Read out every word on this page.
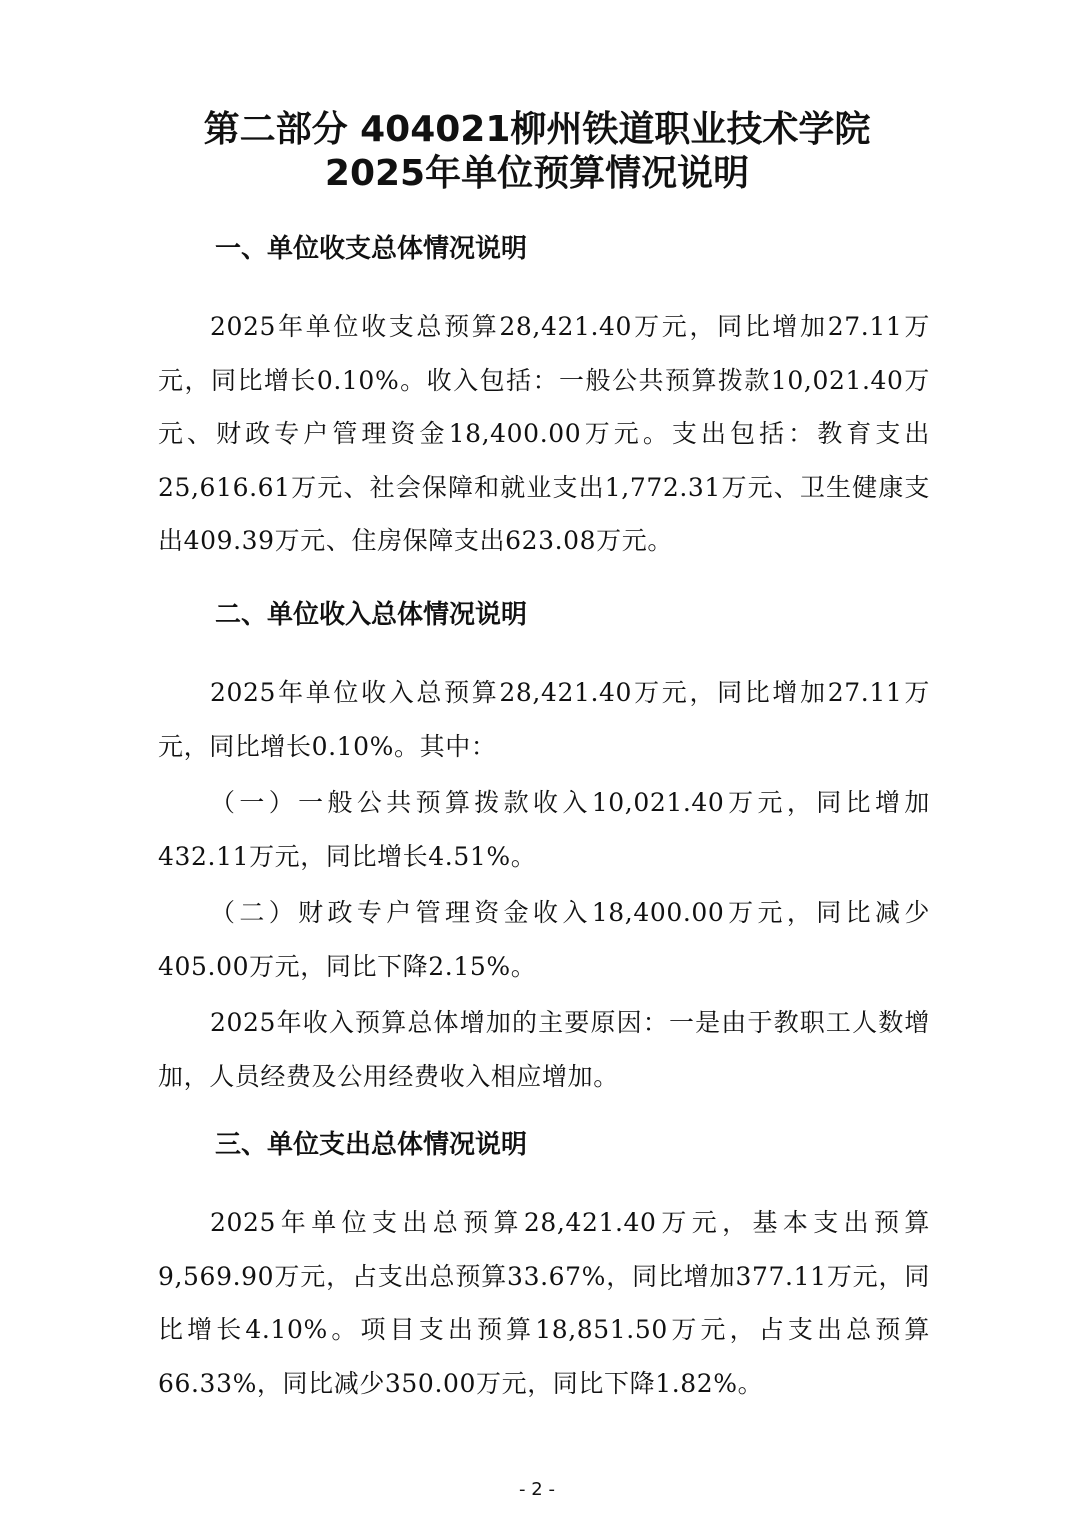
第二部分 404021柳州铁道职业技术学院
2025年单位预算情况说明
一、单位收支总体情况说明

2025年单位收支总预算28,421.40万元，同比增加27.11万元，同比增长0.10%。收入包括：一般公共预算拨款10,021.40万元、财政专户管理资金18,400.00万元。支出包括：教育支出25,616.61万元、社会保障和就业支出1,772.31万元、卫生健康支出409.39万元、住房保障支出623.08万元。

二、单位收入总体情况说明

2025年单位收入总预算28,421.40万元，同比增加27.11万元，同比增长0.10%。其中：

（一）一般公共预算拨款收入10,021.40万元，同比增加432.11万元，同比增长4.51%。

（二）财政专户管理资金收入18,400.00万元，同比减少405.00万元，同比下降2.15%。

2025年收入预算总体增加的主要原因：一是由于教职工人数增加，人员经费及公用经费收入相应增加。

三、单位支出总体情况说明

2025年单位支出总预算28,421.40万元，基本支出预算9,569.90万元，占支出总预算33.67%，同比增加377.11万元，同比增长4.10%。项目支出预算18,851.50万元，占支出总预算66.33%，同比减少350.00万元，同比下降1.82%。

- 2 -
